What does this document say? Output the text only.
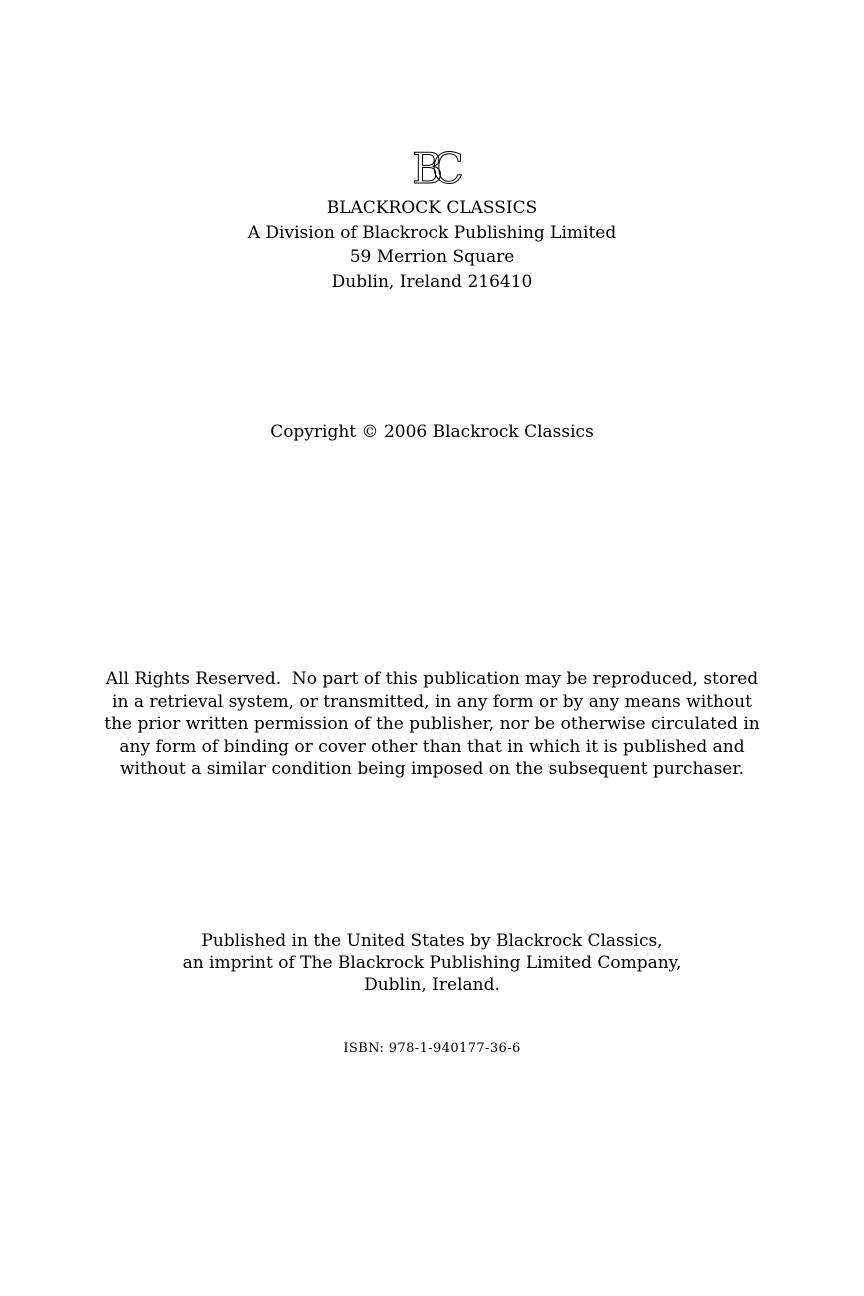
BC
BLACKROCK CLASSICS
A Division of Blackrock Publishing Limited
59 Merrion Square
Dublin, Ireland 216410
Copyright © 2006 Blackrock Classics
All Rights Reserved.  No part of this publication may be reproduced, stored
in a retrieval system, or transmitted, in any form or by any means without
the prior written permission of the publisher, nor be otherwise circulated in
any form of binding or cover other than that in which it is published and
without a similar condition being imposed on the subsequent purchaser.
Published in the United States by Blackrock Classics,
an imprint of The Blackrock Publishing Limited Company,
Dublin, Ireland.
ISBN: 978-1-940177-36-6
